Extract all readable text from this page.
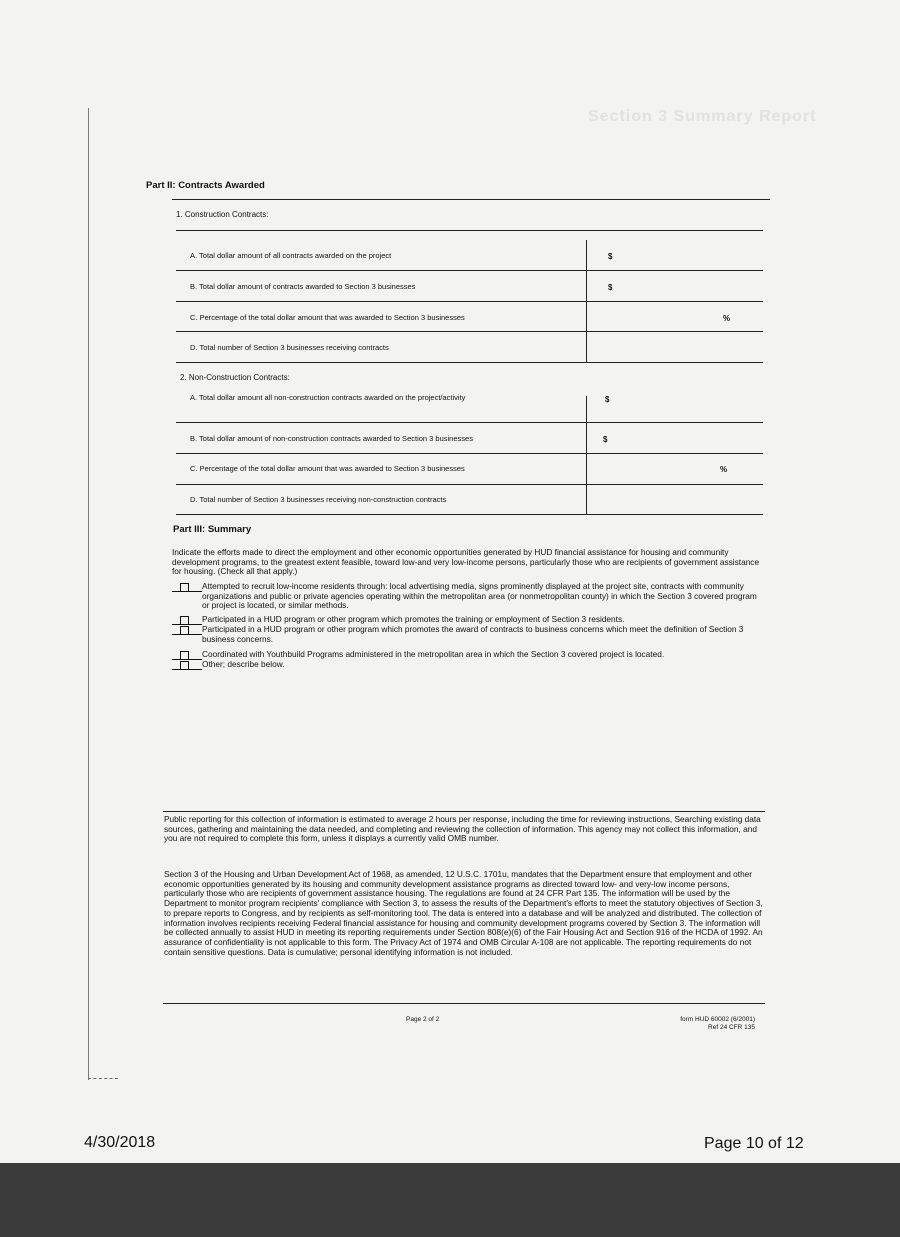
Section 3 Summary Report
Part II: Contracts Awarded
1. Construction Contracts:
A. Total dollar amount of all contracts awarded on the project	$
B. Total dollar amount of contracts awarded to Section 3 businesses	$
C. Percentage of the total dollar amount that was awarded to Section 3 businesses	%
D. Total number of Section 3 businesses receiving contracts
2. Non-Construction Contracts:
A. Total dollar amount all non-construction contracts awarded on the project/activity	$
B. Total dollar amount of non-construction contracts awarded to Section 3 businesses	$
C. Percentage of the total dollar amount that was awarded to Section 3 businesses	%
D. Total number of Section 3 businesses receiving non-construction contracts
Part III: Summary
Indicate the efforts made to direct the employment and other economic opportunities generated by HUD financial assistance for housing and community development programs, to the greatest extent feasible, toward low-and very low-income persons, particularly those who are recipients of government assistance for housing. (Check all that apply.)
Attempted to recruit low-income residents through: local advertising media, signs prominently displayed at the project site, contracts with community organizations and public or private agencies operating within the metropolitan area (or nonmetropolitan county) in which the Section 3 covered program or project is located, or similar methods.
Participated in a HUD program or other program which promotes the training or employment of Section 3 residents.
Participated in a HUD program or other program which promotes the award of contracts to business concerns which meet the definition of Section 3 business concerns.
Coordinated with Youthbuild Programs administered in the metropolitan area in which the Section 3 covered project is located.
Other; describe below.
Public reporting for this collection of information is estimated to average 2 hours per response, including the time for reviewing instructions, Searching existing data sources, gathering and maintaining the data needed, and completing and reviewing the collection of information. This agency may not collect this information, and you are not required to complete this form, unless it displays a currently valid OMB number.
Section 3 of the Housing and Urban Development Act of 1968, as amended, 12 U.S.C. 1701u, mandates that the Department ensure that employment and other economic opportunities generated by its housing and community development assistance programs as directed toward low- and very-low income persons, particularly those who are recipients of government assistance housing. The regulations are found at 24 CFR Part 135. The information will be used by the Department to monitor program recipients' compliance with Section 3, to assess the results of the Department's efforts to meet the statutory objectives of Section 3, to prepare reports to Congress, and by recipients as self-monitoring tool. The data is entered into a database and will be analyzed and distributed. The collection of information involves recipients receiving Federal financial assistance for housing and community development programs covered by Section 3. The information will be collected annually to assist HUD in meeting its reporting requirements under Section 808(e)(6) of the Fair Housing Act and Section 916 of the HCDA of 1992. An assurance of confidentiality is not applicable to this form. The Privacy Act of 1974 and OMB Circular A-108 are not applicable. The reporting requirements do not contain sensitive questions. Data is cumulative; personal identifying information is not included.
Page 2 of 2	form HUD 60002 (6/2001)
Ref 24 CFR 135
4/30/2018	Page 10 of 12
